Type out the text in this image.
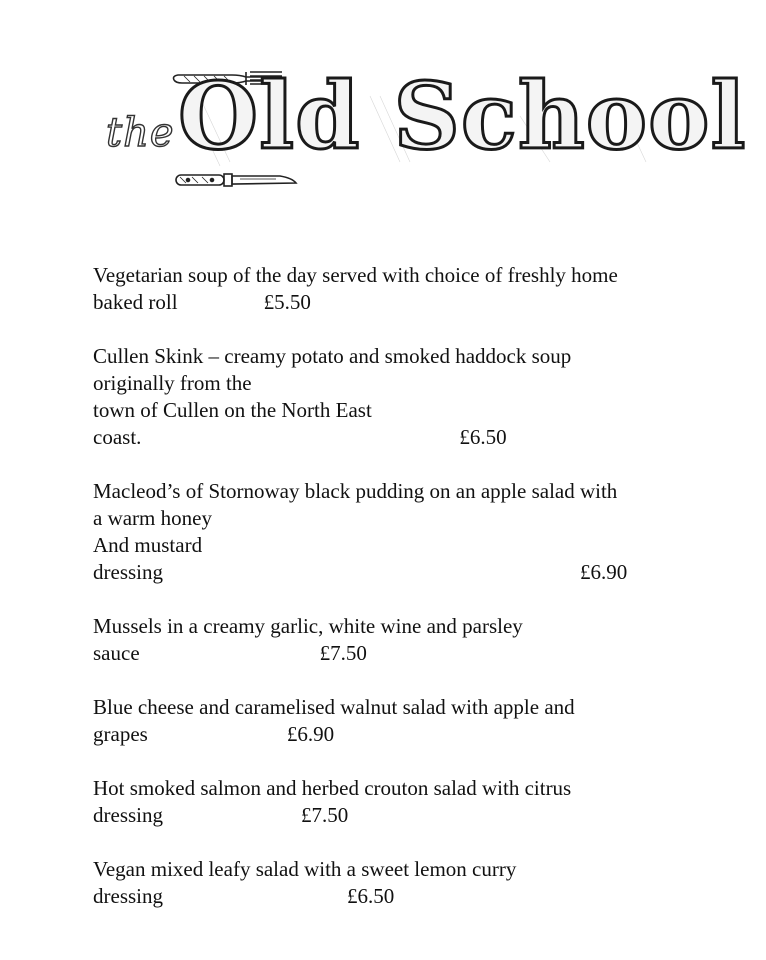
the Old School
Vegetarian soup of the day served with choice of freshly home
baked roll	£5.50
Cullen Skink – creamy potato and smoked haddock soup
originally from the
town of Cullen on the North East
coast.	£6.50
Macleod’s of Stornoway black pudding on an apple salad with
a warm honey
And mustard
dressing	£6.90
Mussels in a creamy garlic, white wine and parsley
sauce	£7.50
Blue cheese and caramelised walnut salad with apple and
grapes	£6.90
Hot smoked salmon and herbed crouton salad with citrus
dressing	£7.50
Vegan mixed leafy salad with a sweet lemon curry
dressing	£6.50
